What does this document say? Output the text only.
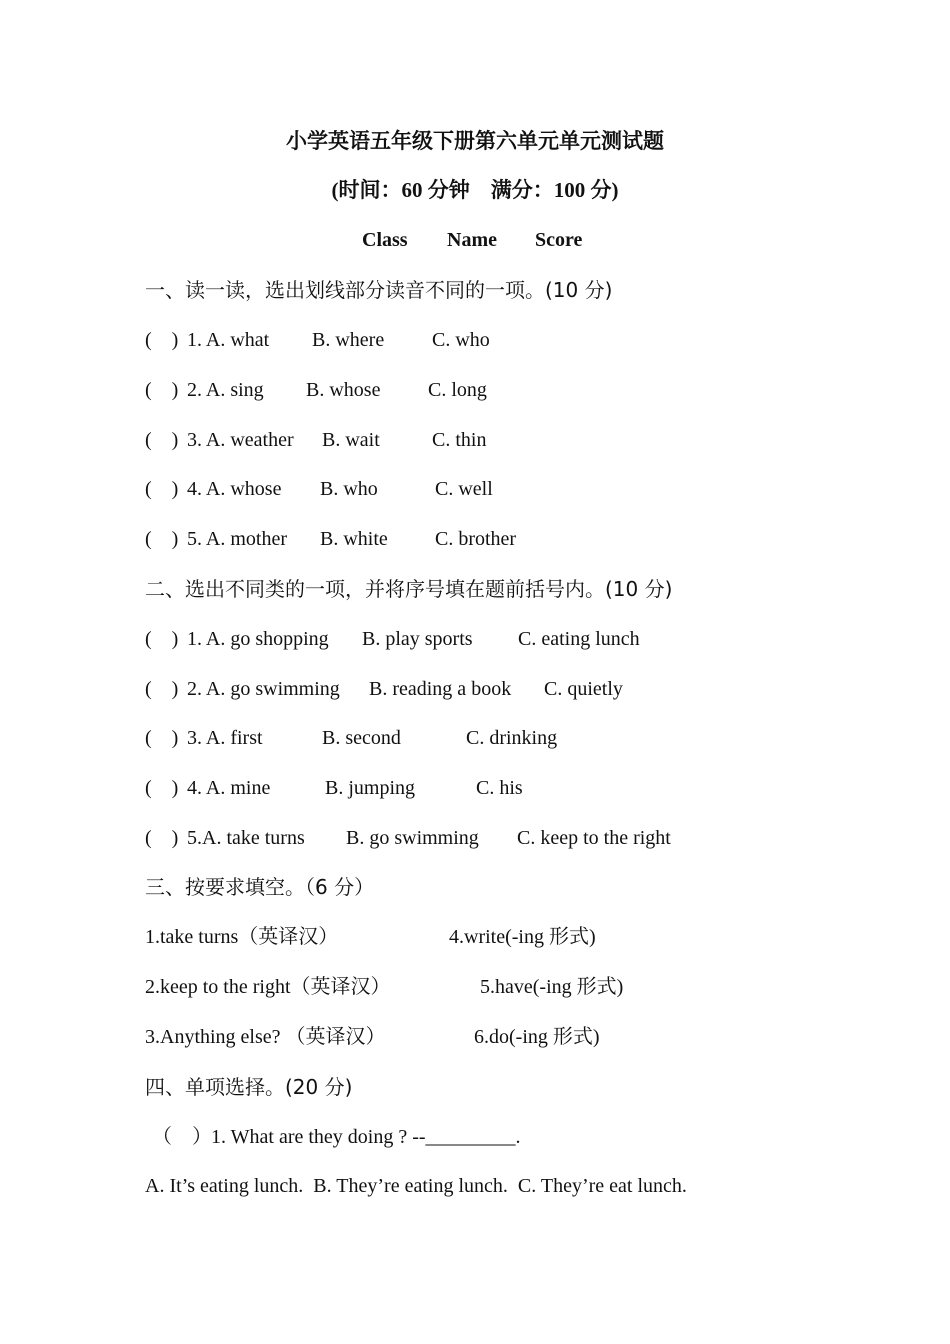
小学英语五年级下册第六单元单元测试题
(时间：60 分钟    满分：100 分)
Class Name Score
一、读一读，选出划线部分读音不同的一项。(10 分)
(    ) 1. A. what B. where C. who
(    ) 2. A. sing B. whose C. long
(    ) 3. A. weather B. wait	C. thin
(    ) 4. A. whose B. who	C. well
(    ) 5. A. mother B. white C. brother
二、选出不同类的一项，并将序号填在题前括号内。(10 分)
(    ) 1. A. go shopping B. play sports C. eating lunch
(    ) 2. A. go swimming B. reading a book C. quietly
(    ) 3. A. first	B. second	C. drinking
(    ) 4. A. mine	B. jumping	C. his
(    ) 5.A. take turns B. go swimming C. keep to the right
三、按要求填空。（6 分）
1.take turns（英译汉）	4.write(-ing 形式)
2.keep to the right（英译汉）	5.have(-ing 形式)
3.Anything else? （英译汉）	6.do(-ing 形式)
四、单项选择。(20 分)
（    ） 1. What are they doing ? --_________.
A. It’s eating lunch.  B. They’re eating lunch.  C. They’re eat lunch.
